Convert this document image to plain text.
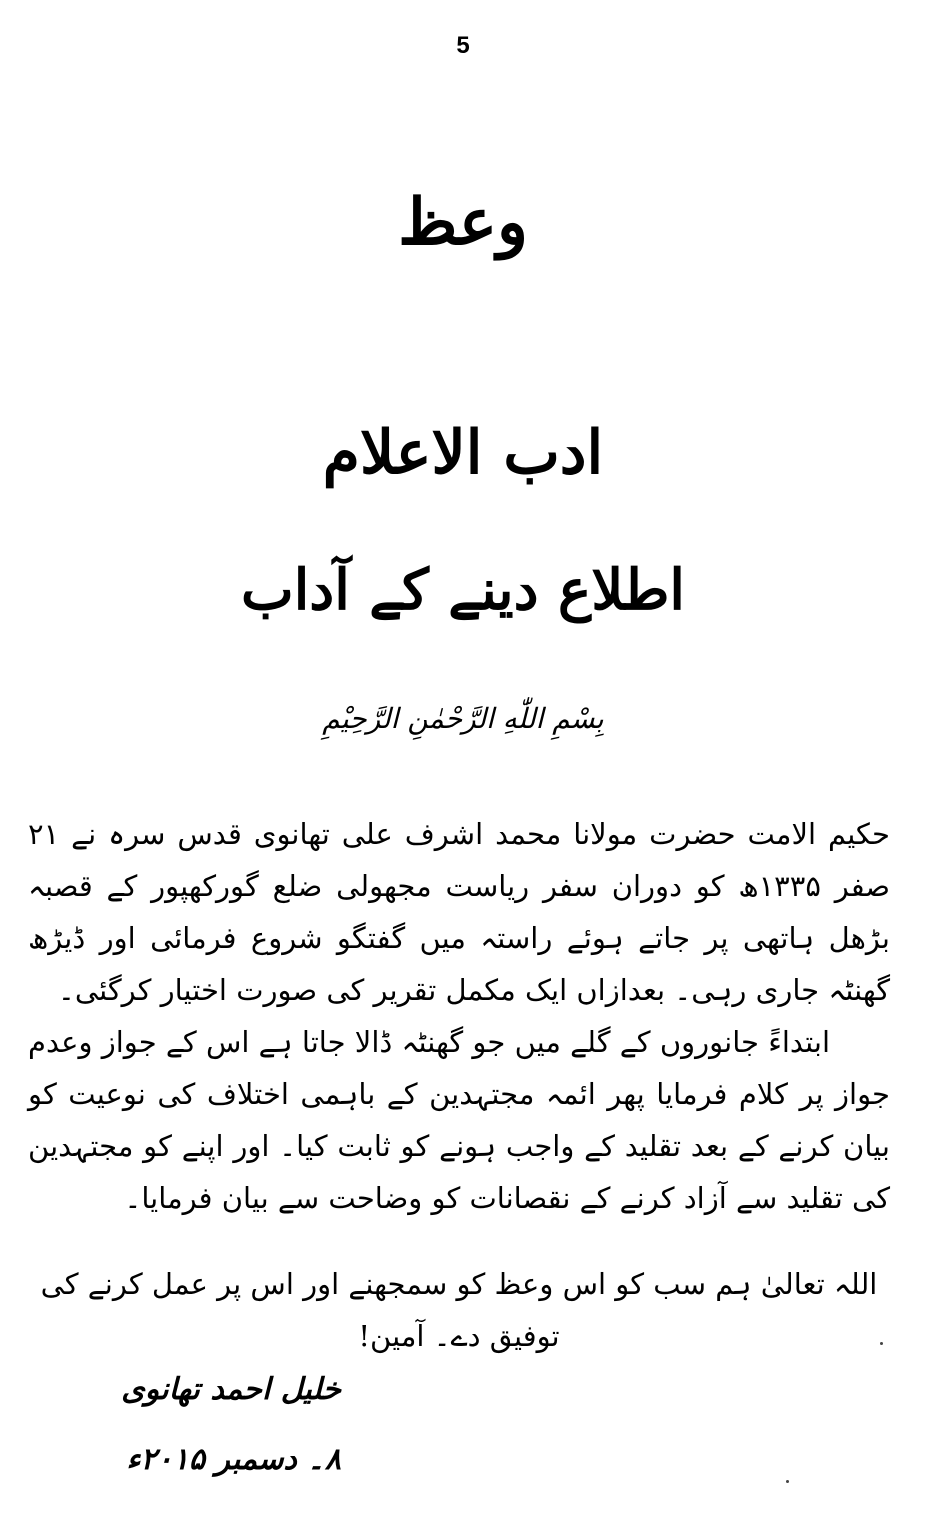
5
وعظ
ادب الاعلام
اطلاع دینے کے آداب
بِسْمِ اللّٰهِ الرَّحْمٰنِ الرَّحِیْمِ

حکیم الامت حضرت مولانا محمد اشرف علی تھانوی قدس سرہ نے ۲۱ صفر ۱۳۳۵ھ کو دوران سفر ریاست مجھولی ضلع گورکھپور کے قصبہ بڑھل ہاتھی پر جاتے ہوئے راستہ میں گفتگو شروع فرمائی اور ڈیڑھ گھنٹہ جاری رہی۔ بعدازاں ایک مکمل تقریر کی صورت اختیار کرگئی۔

ابتداءً جانوروں کے گلے میں جو گھنٹہ ڈالا جاتا ہے اس کے جواز وعدم جواز پر کلام فرمایا پھر ائمہ مجتہدین کے باہمی اختلاف کی نوعیت کو بیان کرنے کے بعد تقلید کے واجب ہونے کو ثابت کیا۔ اور اپنے کو مجتہدین کی تقلید سے آزاد کرنے کے نقصانات کو وضاحت سے بیان فرمایا۔

اللہ تعالیٰ ہم سب کو اس وعظ کو سمجھنے اور اس پر عمل کرنے کی توفیق دے۔ آمین!
خلیل احمد تھانوی
۸۔ دسمبر ۲۰۱۵ء
